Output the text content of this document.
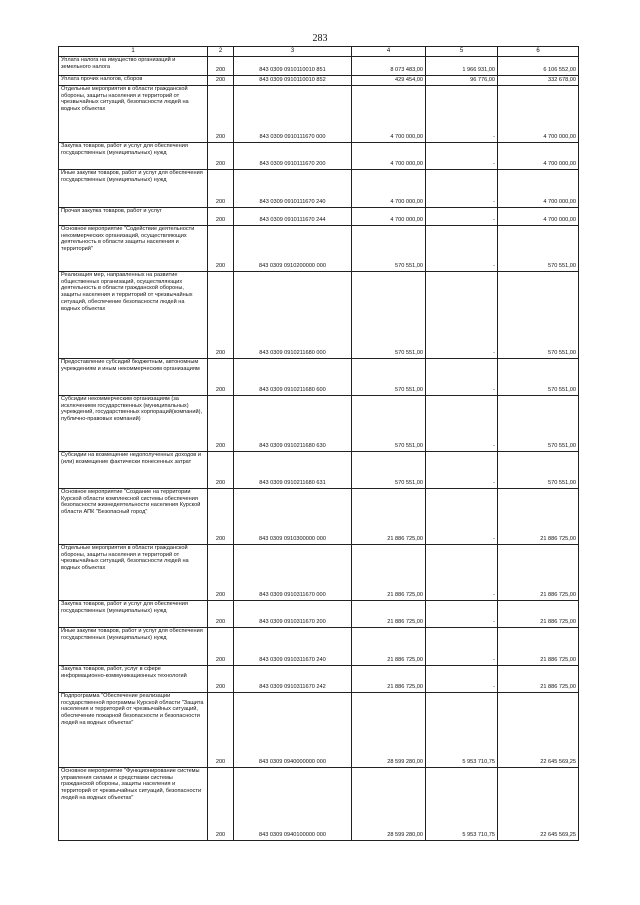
283
1	2	3	4	5	6
Уплата налога на имущество организаций и земельного налога	200	843 0309 0910110010 851	8 073 483,00	1 966 931,00	6 106 552,00
Уплата прочих налогов, сборов	200	843 0309 0910110010 852	429 454,00	96 776,00	332 678,00
Отдельные мероприятия в области гражданской обороны, защиты населения и территорий от чрезвычайных ситуаций, безопасности людей на водных объектах	200	843 0309 0910111670 000	4 700 000,00	-	4 700 000,00
Закупка товаров, работ и услуг для обеспечения государственных (муниципальных) нужд	200	843 0309 0910111670 200	4 700 000,00	-	4 700 000,00
Иные закупки товаров, работ и услуг для обеспечения государственных (муниципальных) нужд	200	843 0309 0910111670 240	4 700 000,00	-	4 700 000,00
Прочая закупка товаров, работ и услуг	200	843 0309 0910111670 244	4 700 000,00	-	4 700 000,00
Основное мероприятие "Содействие деятельности некоммерческих организаций, осуществляющих деятельность в области защиты населения и территорий"	200	843 0309 0910200000 000	570 551,00	-	570 551,00
Реализация мер, направленных на развитие общественных организаций, осуществляющих деятельность в области гражданской обороны, защиты населения и территорий от чрезвычайных ситуаций, обеспечение безопасности людей на водных объектах	200	843 0309 0910211680 000	570 551,00	-	570 551,00
Предоставление субсидий бюджетным, автономным учреждениям и иным некоммерческим организациям	200	843 0309 0910211680 600	570 551,00	-	570 551,00
Субсидии некоммерческим организациям (за исключением государственных (муниципальных) учреждений, государственных корпораций(компаний), публично-правовых компаний)	200	843 0309 0910211680 630	570 551,00	-	570 551,00
Субсидии на возмещение недополученных доходов и (или) возмещение фактически понесенных затрат	200	843 0309 0910211680 631	570 551,00	-	570 551,00
Основное мероприятие "Создание на территории Курской области комплексной системы обеспечения безопасности жизнедеятельности населения Курской области АПК "Безопасный город"	200	843 0309 0910300000 000	21 886 725,00	-	21 886 725,00
Отдельные мероприятия в области гражданской обороны, защиты населения и территорий от чрезвычайных ситуаций, безопасности людей на водных объектах	200	843 0309 0910311670 000	21 886 725,00	-	21 886 725,00
Закупка товаров, работ и услуг для обеспечения государственных (муниципальных) нужд	200	843 0309 0910311670 200	21 886 725,00	-	21 886 725,00
Иные закупки товаров, работ и услуг для обеспечения государственных (муниципальных) нужд	200	843 0309 0910311670 240	21 886 725,00	-	21 886 725,00
Закупка товаров, работ, услуг в сфере информационно-коммуникационных технологий	200	843 0309 0910311670 242	21 886 725,00	-	21 886 725,00
Подпрограмма "Обеспечение реализации государственной программы Курской области "Защита населения и территорий от чрезвычайных ситуаций, обеспечение пожарной безопасности и безопасности людей на водных объектах"	200	843 0309 0940000000 000	28 599 280,00	5 953 710,75	22 645 569,25
Основное мероприятие "Функционирование системы управления силами и средствами системы гражданской обороны, защиты населения и территорий от чрезвычайных ситуаций, безопасности людей на водных объектах"	200	843 0309 0940100000 000	28 599 280,00	5 953 710,75	22 645 569,25
